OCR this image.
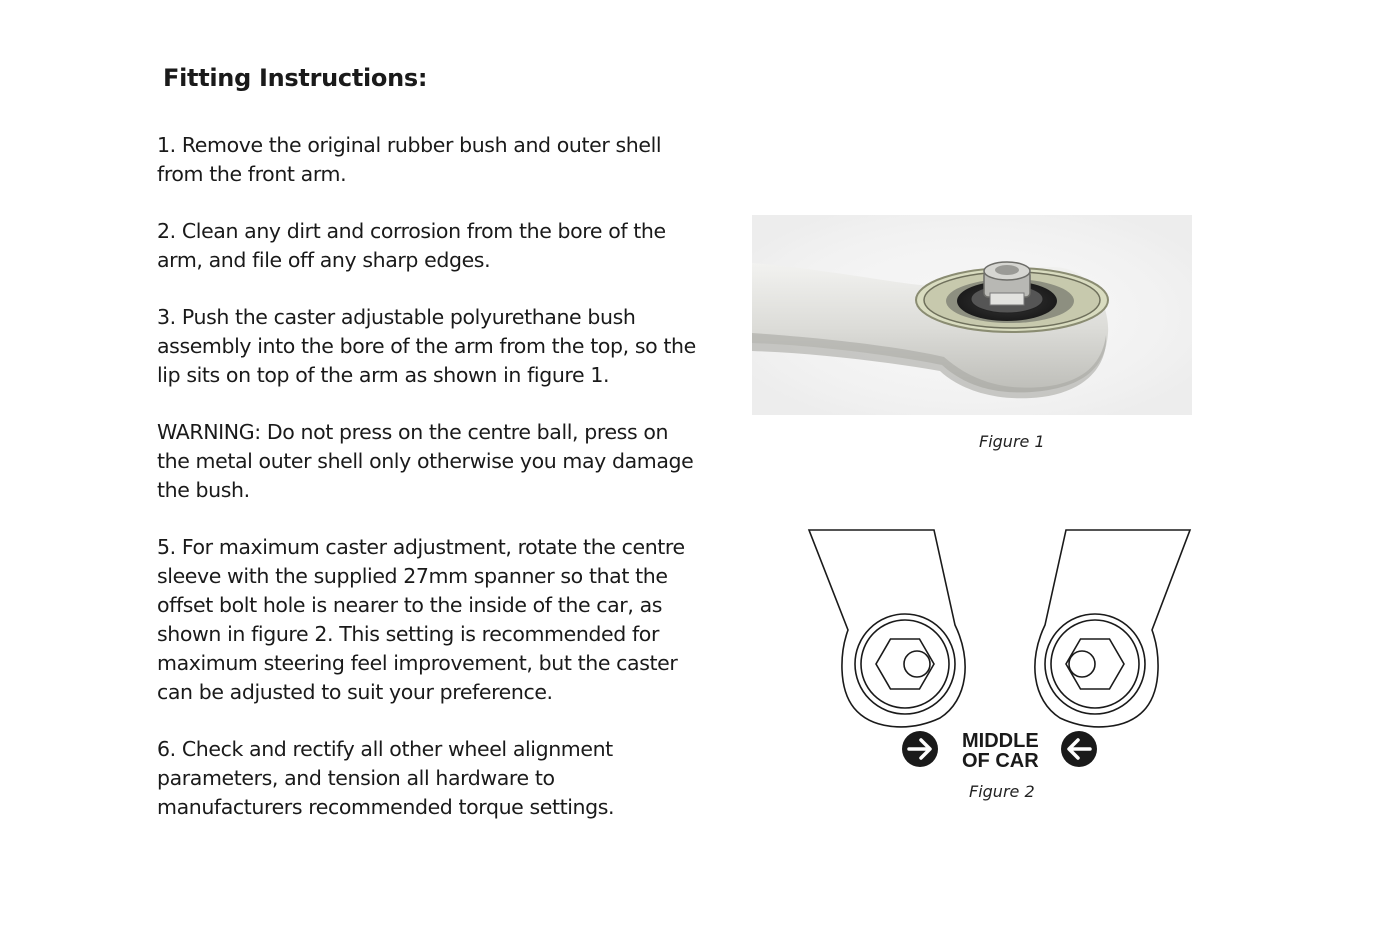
Fitting Instructions:

1. Remove the original rubber bush and outer shell from the front arm.

2. Clean any dirt and corrosion from the bore of the arm, and file off any sharp edges.

3. Push the caster adjustable polyurethane bush assembly into the bore of the arm from the top, so the lip sits on top of the arm as shown in figure 1.

WARNING: Do not press on the centre ball, press on the metal outer shell only otherwise you may damage the bush.

5. For maximum caster adjustment, rotate the centre sleeve with the supplied 27mm spanner so that the offset bolt hole is nearer to the inside of the car, as shown in figure 2. This setting is recommended for maximum steering feel improvement, but the caster can be adjusted to suit your preference.

6. Check and rectify all other wheel alignment parameters, and tension all hardware to manufacturers recommended torque settings.

Figure 1
MIDDLE
OF CAR
Figure 2
